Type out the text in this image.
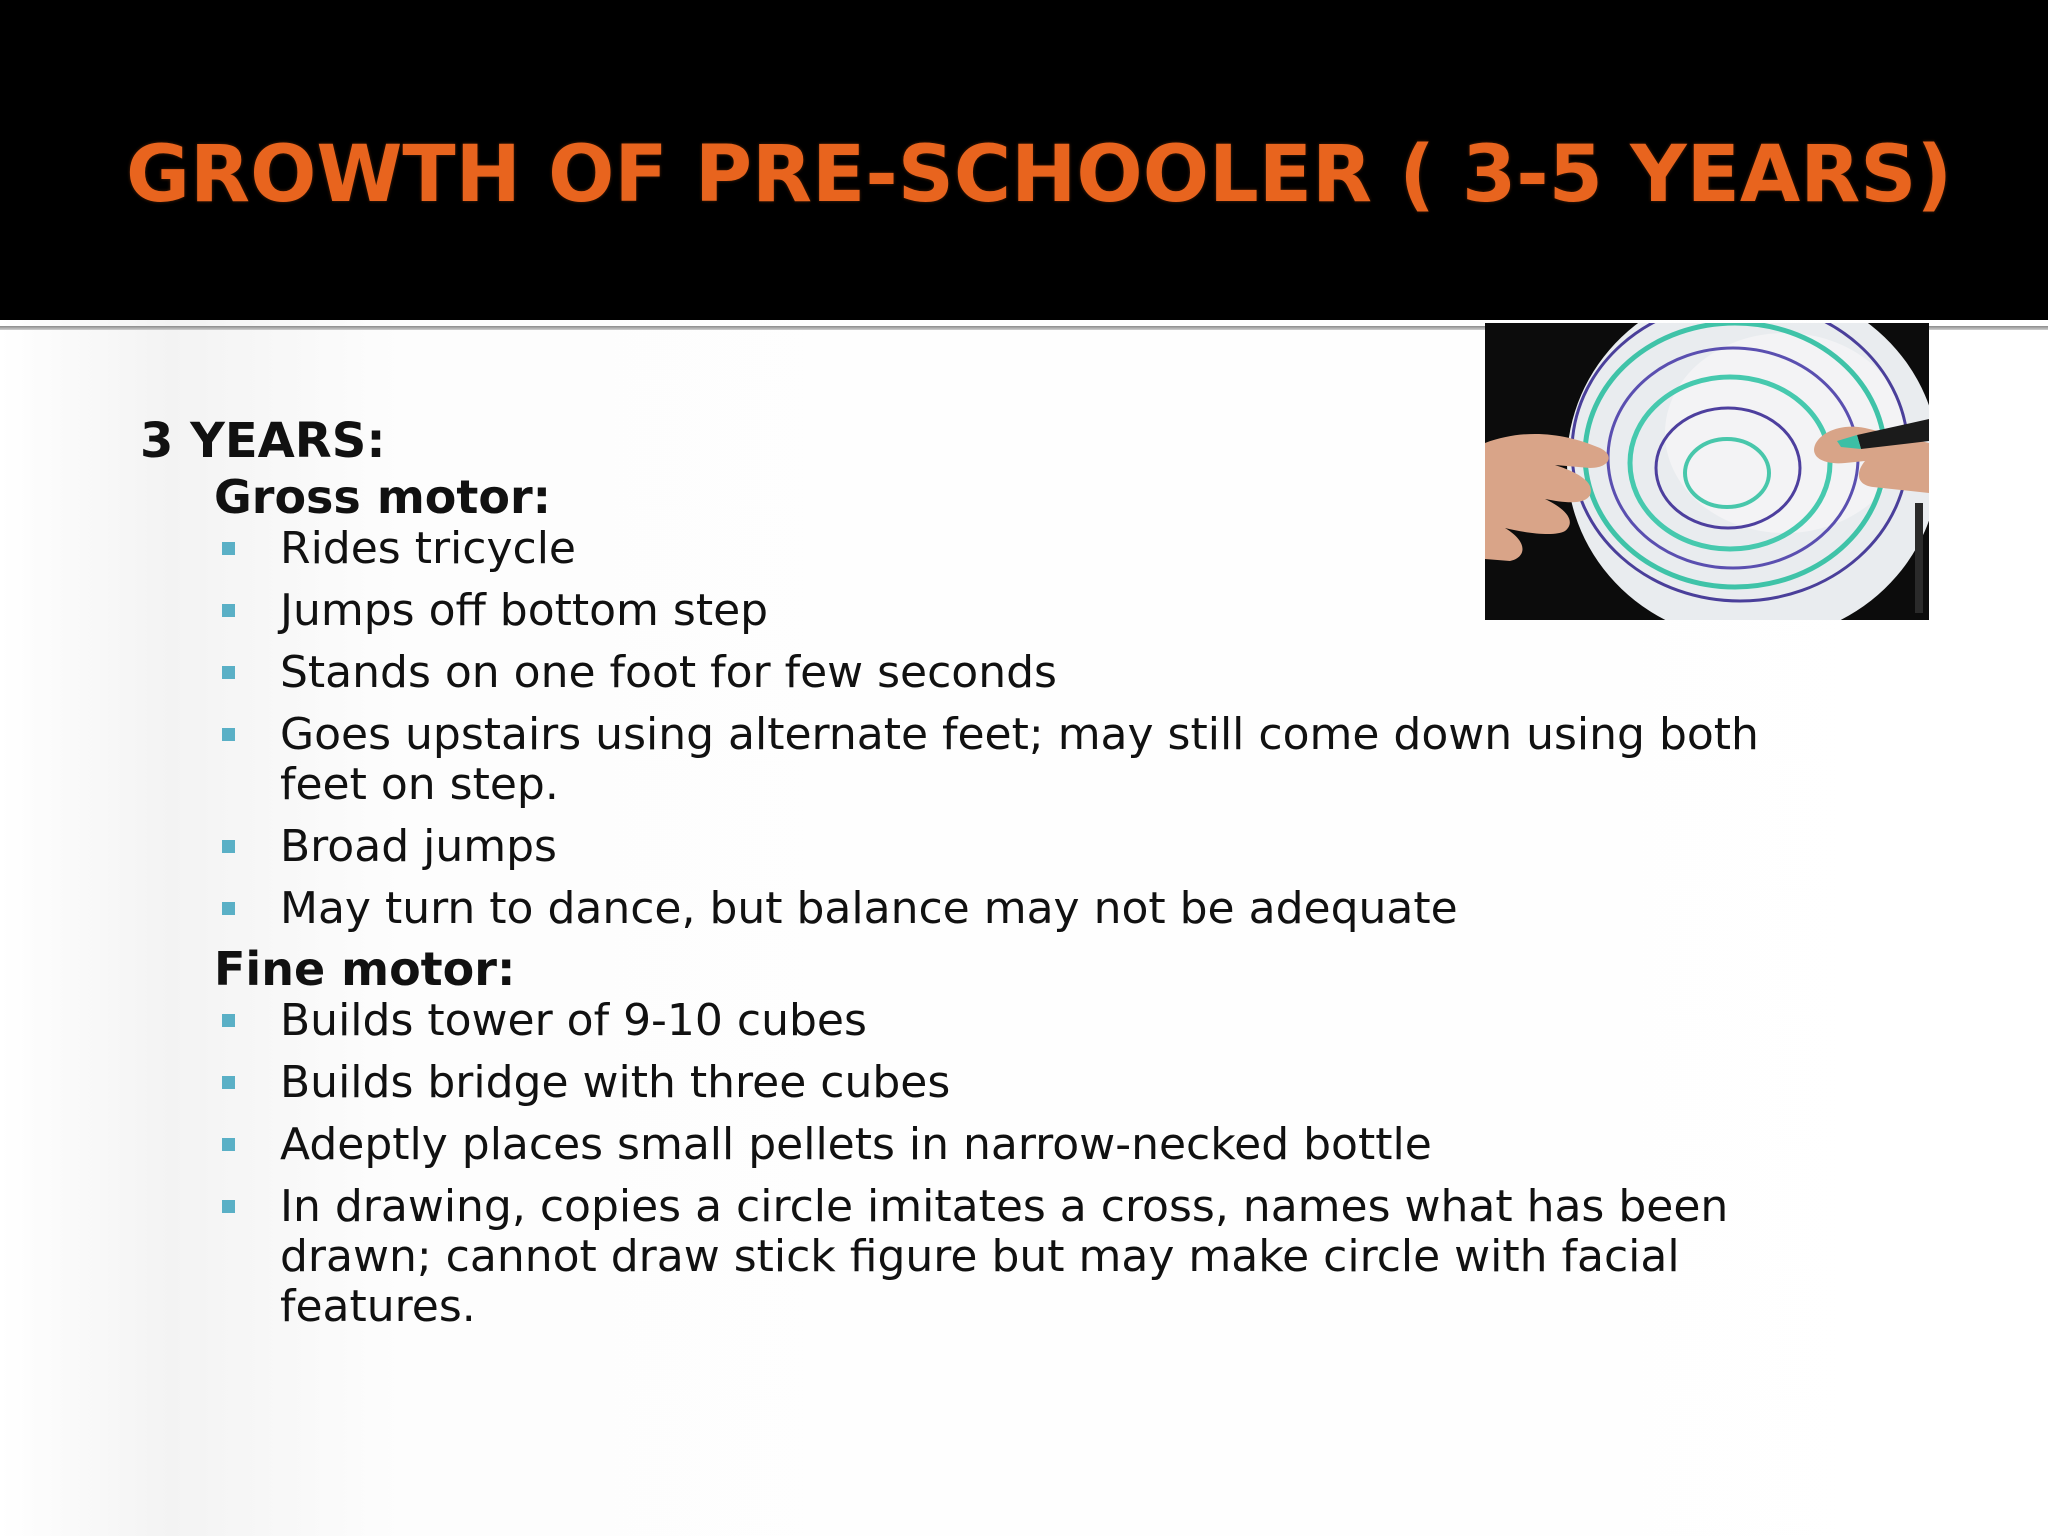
GROWTH OF PRE-SCHOOLER ( 3-5 YEARS)
3 YEARS:
Gross motor:
Rides tricycle
Jumps off bottom step
Stands on one foot for few seconds
Goes upstairs using alternate feet; may still come down using both feet on step.
Broad jumps
May turn to dance, but balance may not be adequate
Fine motor:
Builds tower of 9-10 cubes
Builds bridge with three cubes
Adeptly places small pellets in narrow-necked bottle
In drawing, copies a circle imitates a cross, names what has been drawn; cannot draw stick figure but may make circle with facial features.
